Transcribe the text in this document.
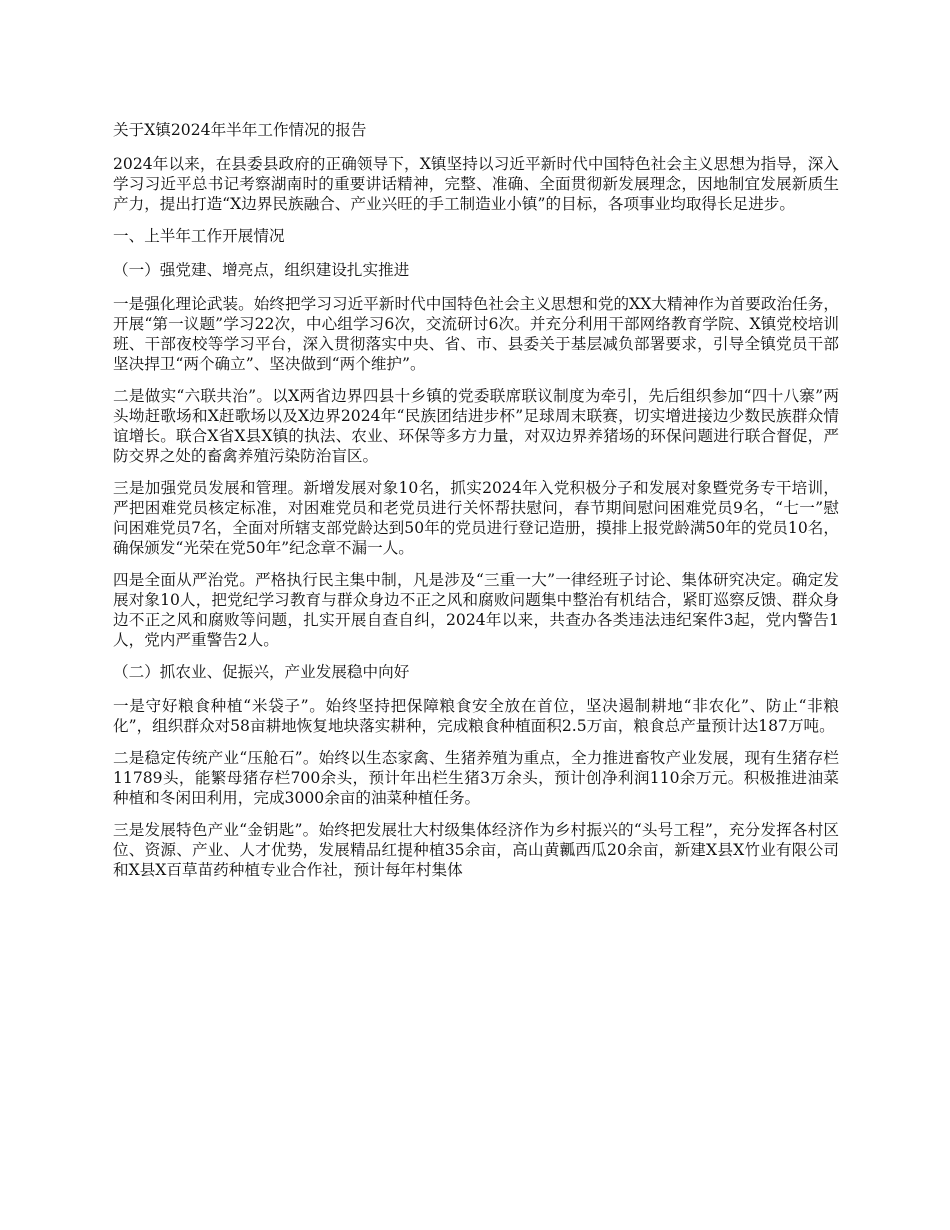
关于X镇2024年半年工作情况的报告

2024年以来，在县委县政府的正确领导下，X镇坚持以习近平新时代中国特色社会主义思想为指导，深入学习习近平总书记考察湖南时的重要讲话精神，完整、准确、全面贯彻新发展理念，因地制宜发展新质生产力，提出打造“X边界民族融合、产业兴旺的手工制造业小镇”的目标，各项事业均取得长足进步。

一、上半年工作开展情况

（一）强党建、增亮点，组织建设扎实推进

一是强化理论武装。始终把学习习近平新时代中国特色社会主义思想和党的XX大精神作为首要政治任务，开展“第一议题”学习22次，中心组学习6次，交流研讨6次。并充分利用干部网络教育学院、X镇党校培训班、干部夜校等学习平台，深入贯彻落实中央、省、市、县委关于基层减负部署要求，引导全镇党员干部坚决捍卫“两个确立”、坚决做到“两个维护”。

二是做实“六联共治”。以X两省边界四县十乡镇的党委联席联议制度为牵引，先后组织参加“四十八寨”两头坳赶歌场和X赶歌场以及X边界2024年“民族团结进步杯”足球周末联赛，切实增进接边少数民族群众情谊增长。联合X省X县X镇的执法、农业、环保等多方力量，对双边界养猪场的环保问题进行联合督促，严防交界之处的畜禽养殖污染防治盲区。

三是加强党员发展和管理。新增发展对象10名，抓实2024年入党积极分子和发展对象暨党务专干培训，严把困难党员核定标准，对困难党员和老党员进行关怀帮扶慰问，春节期间慰问困难党员9名，“七一”慰问困难党员7名，全面对所辖支部党龄达到50年的党员进行登记造册，摸排上报党龄满50年的党员10名，确保颁发“光荣在党50年”纪念章不漏一人。

四是全面从严治党。严格执行民主集中制，凡是涉及“三重一大”一律经班子讨论、集体研究决定。确定发展对象10人，把党纪学习教育与群众身边不正之风和腐败问题集中整治有机结合，紧盯巡察反馈、群众身边不正之风和腐败等问题，扎实开展自查自纠，2024年以来，共查办各类违法违纪案件3起，党内警告1人，党内严重警告2人。

（二）抓农业、促振兴，产业发展稳中向好

一是守好粮食种植“米袋子”。始终坚持把保障粮食安全放在首位，坚决遏制耕地“非农化”、防止“非粮化”，组织群众对58亩耕地恢复地块落实耕种，完成粮食种植面积2.5万亩，粮食总产量预计达187万吨。

二是稳定传统产业“压舱石”。始终以生态家禽、生猪养殖为重点，全力推进畜牧产业发展，现有生猪存栏11789头，能繁母猪存栏700余头，预计年出栏生猪3万余头，预计创净利润110余万元。积极推进油菜种植和冬闲田利用，完成3000余亩的油菜种植任务。

三是发展特色产业“金钥匙”。始终把发展壮大村级集体经济作为乡村振兴的“头号工程”，充分发挥各村区位、资源、产业、人才优势，发展精品红提种植35余亩，高山黄瓤西瓜20余亩，新建X县X竹业有限公司和X县X百草苗药种植专业合作社，预计每年村集体
